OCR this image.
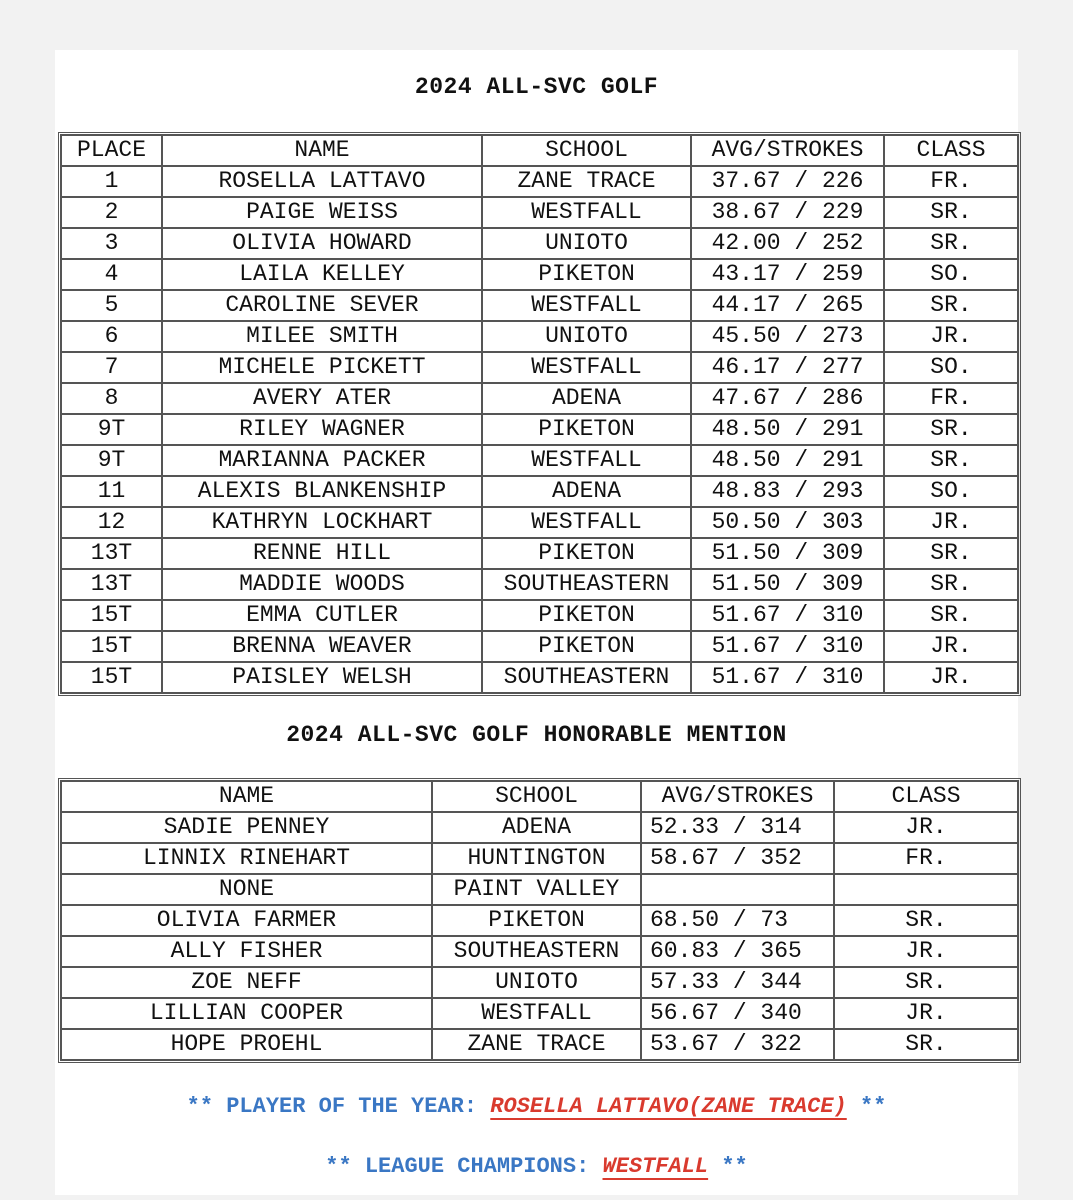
2024 ALL-SVC GOLF
PLACE	NAME	SCHOOL	AVG/STROKES	CLASS
1	ROSELLA LATTAVO	ZANE TRACE	37.67 / 226	FR.
2	PAIGE WEISS	WESTFALL	38.67 / 229	SR.
3	OLIVIA HOWARD	UNIOTO	42.00 / 252	SR.
4	LAILA KELLEY	PIKETON	43.17 / 259	SO.
5	CAROLINE SEVER	WESTFALL	44.17 / 265	SR.
6	MILEE SMITH	UNIOTO	45.50 / 273	JR.
7	MICHELE PICKETT	WESTFALL	46.17 / 277	SO.
8	AVERY ATER	ADENA	47.67 / 286	FR.
9T	RILEY WAGNER	PIKETON	48.50 / 291	SR.
9T	MARIANNA PACKER	WESTFALL	48.50 / 291	SR.
11	ALEXIS BLANKENSHIP	ADENA	48.83 / 293	SO.
12	KATHRYN LOCKHART	WESTFALL	50.50 / 303	JR.
13T	RENNE HILL	PIKETON	51.50 / 309	SR.
13T	MADDIE WOODS	SOUTHEASTERN	51.50 / 309	SR.
15T	EMMA CUTLER	PIKETON	51.67 / 310	SR.
15T	BRENNA WEAVER	PIKETON	51.67 / 310	JR.
15T	PAISLEY WELSH	SOUTHEASTERN	51.67 / 310	JR.
2024 ALL-SVC GOLF HONORABLE MENTION
NAME	SCHOOL	AVG/STROKES	CLASS
SADIE PENNEY	ADENA	52.33 / 314	JR.
LINNIX RINEHART	HUNTINGTON	58.67 / 352	FR.
NONE	PAINT VALLEY		
OLIVIA FARMER	PIKETON	68.50 / 73	SR.
ALLY FISHER	SOUTHEASTERN	60.83 / 365	JR.
ZOE NEFF	UNIOTO	57.33 / 344	SR.
LILLIAN COOPER	WESTFALL	56.67 / 340	JR.
HOPE PROEHL	ZANE TRACE	53.67 / 322	SR.
** PLAYER OF THE YEAR: ROSELLA LATTAVO(ZANE TRACE) **
** LEAGUE CHAMPIONS: WESTFALL **
